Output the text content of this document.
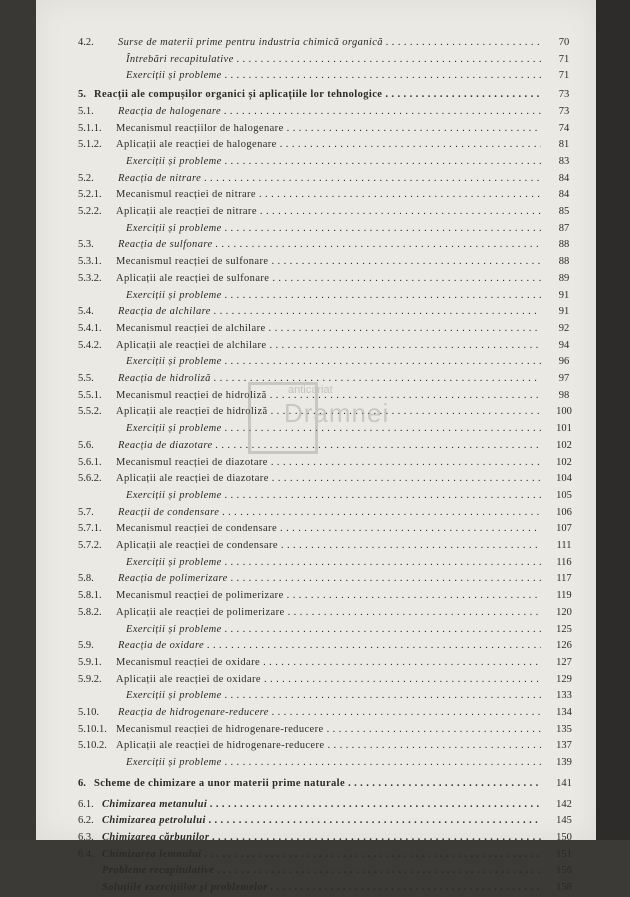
4.2. Surse de materii prime pentru industria chimică organică . . .	70
Întrebări recapitulative . . .	71
Exerciții și probleme . . .	71
5. Reacții ale compușilor organici și aplicațiile lor tehnologice . . .	73
5.1. Reacția de halogenare . . .	73
5.1.1. Mecanismul reacțiilor de halogenare . . .	74
5.1.2. Aplicații ale reacției de halogenare . . .	81
Exerciții și probleme . . .	83
5.2. Reacția de nitrare . . .	84
5.2.1. Mecanismul reacției de nitrare . . .	84
5.2.2. Aplicații ale reacției de nitrare . . .	85
Exerciții și probleme . . .	87
5.3. Reacția de sulfonare . . .	88
5.3.1. Mecanismul reacției de sulfonare . . .	88
5.3.2. Aplicații ale reacției de sulfonare . . .	89
Exerciții și probleme . . .	91
5.4. Reacția de alchilare . . .	91
5.4.1. Mecanismul reacției de alchilare . . .	92
5.4.2. Aplicații ale reacției de alchilare . . .	94
Exerciții și probleme . . .	96
5.5. Reacția de hidroliză . . .	97
5.5.1. Mecanismul reacției de hidroliză . . .	98
5.5.2. Aplicații ale reacției de hidroliză . . .	100
Exerciții și probleme . . .	101
5.6. Reacția de diazotare . . .	102
5.6.1. Mecanismul reacției de diazotare . . .	102
5.6.2. Aplicații ale reacției de diazotare . . .	104
Exerciții și probleme . . .	105
5.7. Reacții de condensare . . .	106
5.7.1. Mecanismul reacției de condensare . . .	107
5.7.2. Aplicații ale reacției de condensare . . .	111
Exerciții și probleme . . .	116
5.8. Reacția de polimerizare . . .	117
5.8.1. Mecanismul reacției de polimerizare . . .	119
5.8.2. Aplicații ale reacției de polimerizare . . .	120
Exerciții și probleme . . .	125
5.9. Reacția de oxidare . . .	126
5.9.1. Mecanismul reacției de oxidare . . .	127
5.9.2. Aplicații ale reacției de oxidare . . .	129
Exerciții și probleme . . .	133
5.10. Reacția de hidrogenare-reducere . . .	134
5.10.1. Mecanismul reacției de hidrogenare-reducere . . .	135
5.10.2. Aplicații ale reacției de hidrogenare-reducere . . .	137
Exerciții și probleme . . .	139
6. Scheme de chimizare a unor materii prime naturale . . .	141
6.1. Chimizarea metanului . . .	142
6.2. Chimizarea petrolului . . .	145
6.3. Chimizarea cărbunilor . . .	150
6.4. Chimizarea lemnului . . .	151
Probleme recapitulative . . .	156
Soluțiile exercițiilor și problemelor . . .	158
anticariat
Dramnei
